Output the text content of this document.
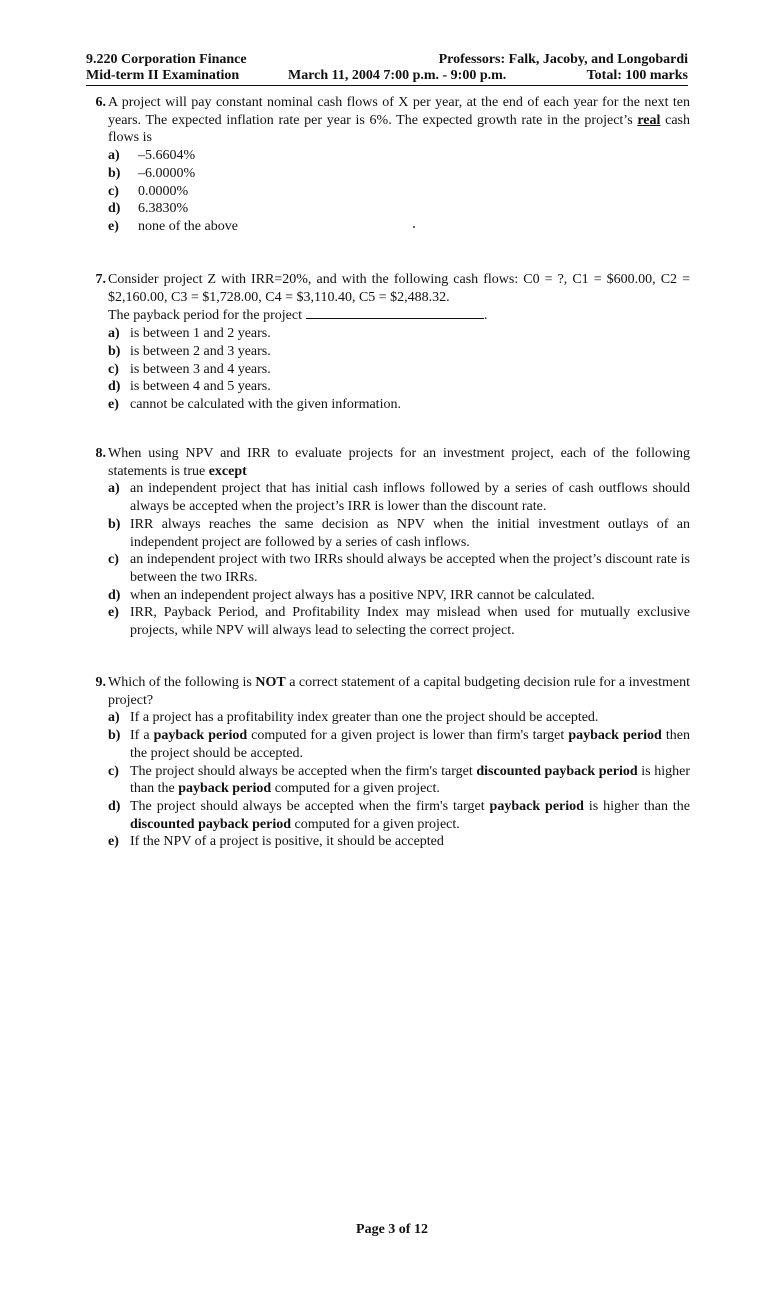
9.220 Corporation Finance	Professors: Falk, Jacoby, and Longobardi
Mid-term II Examination	March 11, 2004 7:00 p.m. - 9:00 p.m.	Total: 100 marks
6. A project will pay constant nominal cash flows of X per year, at the end of each year for the next ten years. The expected inflation rate per year is 6%. The expected growth rate in the project’s real cash flows is
a) –5.6604%
b) –6.0000%
c) 0.0000%
d) 6.3830%
e) none of the above
7. Consider project Z with IRR=20%, and with the following cash flows: C0 = ?, C1 = $600.00, C2 = $2,160.00, C3 = $1,728.00, C4 = $3,110.40, C5 = $2,488.32.
The payback period for the project	.
a) is between 1 and 2 years.
b) is between 2 and 3 years.
c) is between 3 and 4 years.
d) is between 4 and 5 years.
e) cannot be calculated with the given information.
8. When using NPV and IRR to evaluate projects for an investment project, each of the following statements is true except
a) an independent project that has initial cash inflows followed by a series of cash outflows should always be accepted when the project’s IRR is lower than the discount rate.
b) IRR always reaches the same decision as NPV when the initial investment outlays of an independent project are followed by a series of cash inflows.
c) an independent project with two IRRs should always be accepted when the project’s discount rate is between the two IRRs.
d) when an independent project always has a positive NPV, IRR cannot be calculated.
e) IRR, Payback Period, and Profitability Index may mislead when used for mutually exclusive projects, while NPV will always lead to selecting the correct project.
9. Which of the following is NOT a correct statement of a capital budgeting decision rule for a investment project?
a) If a project has a profitability index greater than one the project should be accepted.
b) If a payback period computed for a given project is lower than firm's target payback period then the project should be accepted.
c) The project should always be accepted when the firm's target discounted payback period is higher than the payback period computed for a given project.
d) The project should always be accepted when the firm's target payback period is higher than the discounted payback period computed for a given project.
e) If the NPV of a project is positive, it should be accepted
Page 3 of 12
